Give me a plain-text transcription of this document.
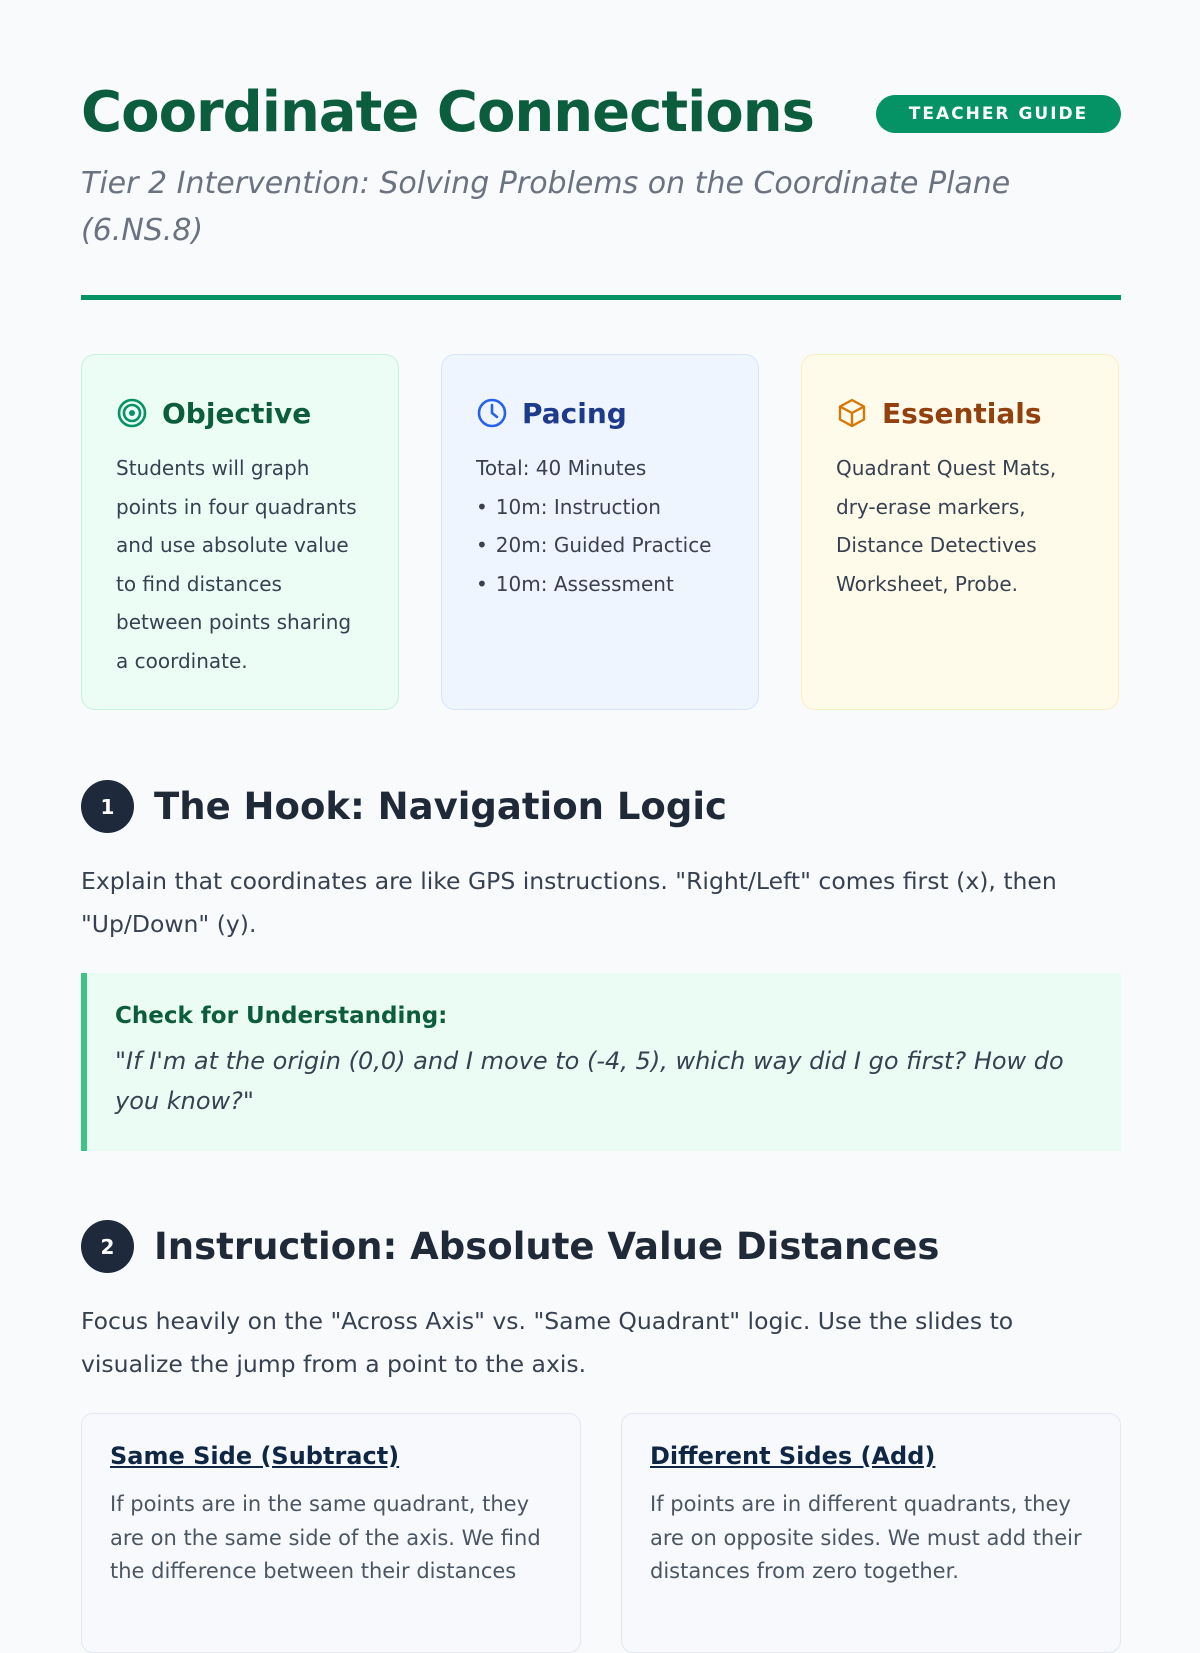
Coordinate Connections	TEACHER GUIDE

Tier 2 Intervention: Solving Problems on the Coordinate Plane (6.NS.8)

Objective
Students will graph points in four quadrants and use absolute value to find distances between points sharing a coordinate.
Pacing
Total: 40 Minutes
• 10m: Instruction
• 20m: Guided Practice
• 10m: Assessment
Essentials
Quadrant Quest Mats, dry-erase markers, Distance Detectives Worksheet, Probe.
1	The Hook: Navigation Logic

Explain that coordinates are like GPS instructions. "Right/Left" comes first (x), then "Up/Down" (y).

Check for Understanding:

"If I'm at the origin (0,0) and I move to (-4, 5), which way did I go first? How do you know?"

2	Instruction: Absolute Value Distances

Focus heavily on the "Across Axis" vs. "Same Quadrant" logic. Use the slides to visualize the jump from a point to the axis.

Same Side (Subtract)

If points are in the same quadrant, they are on the same side of the axis. We find the difference between their distances

Different Sides (Add)

If points are in different quadrants, they are on opposite sides. We must add their distances from zero together.
